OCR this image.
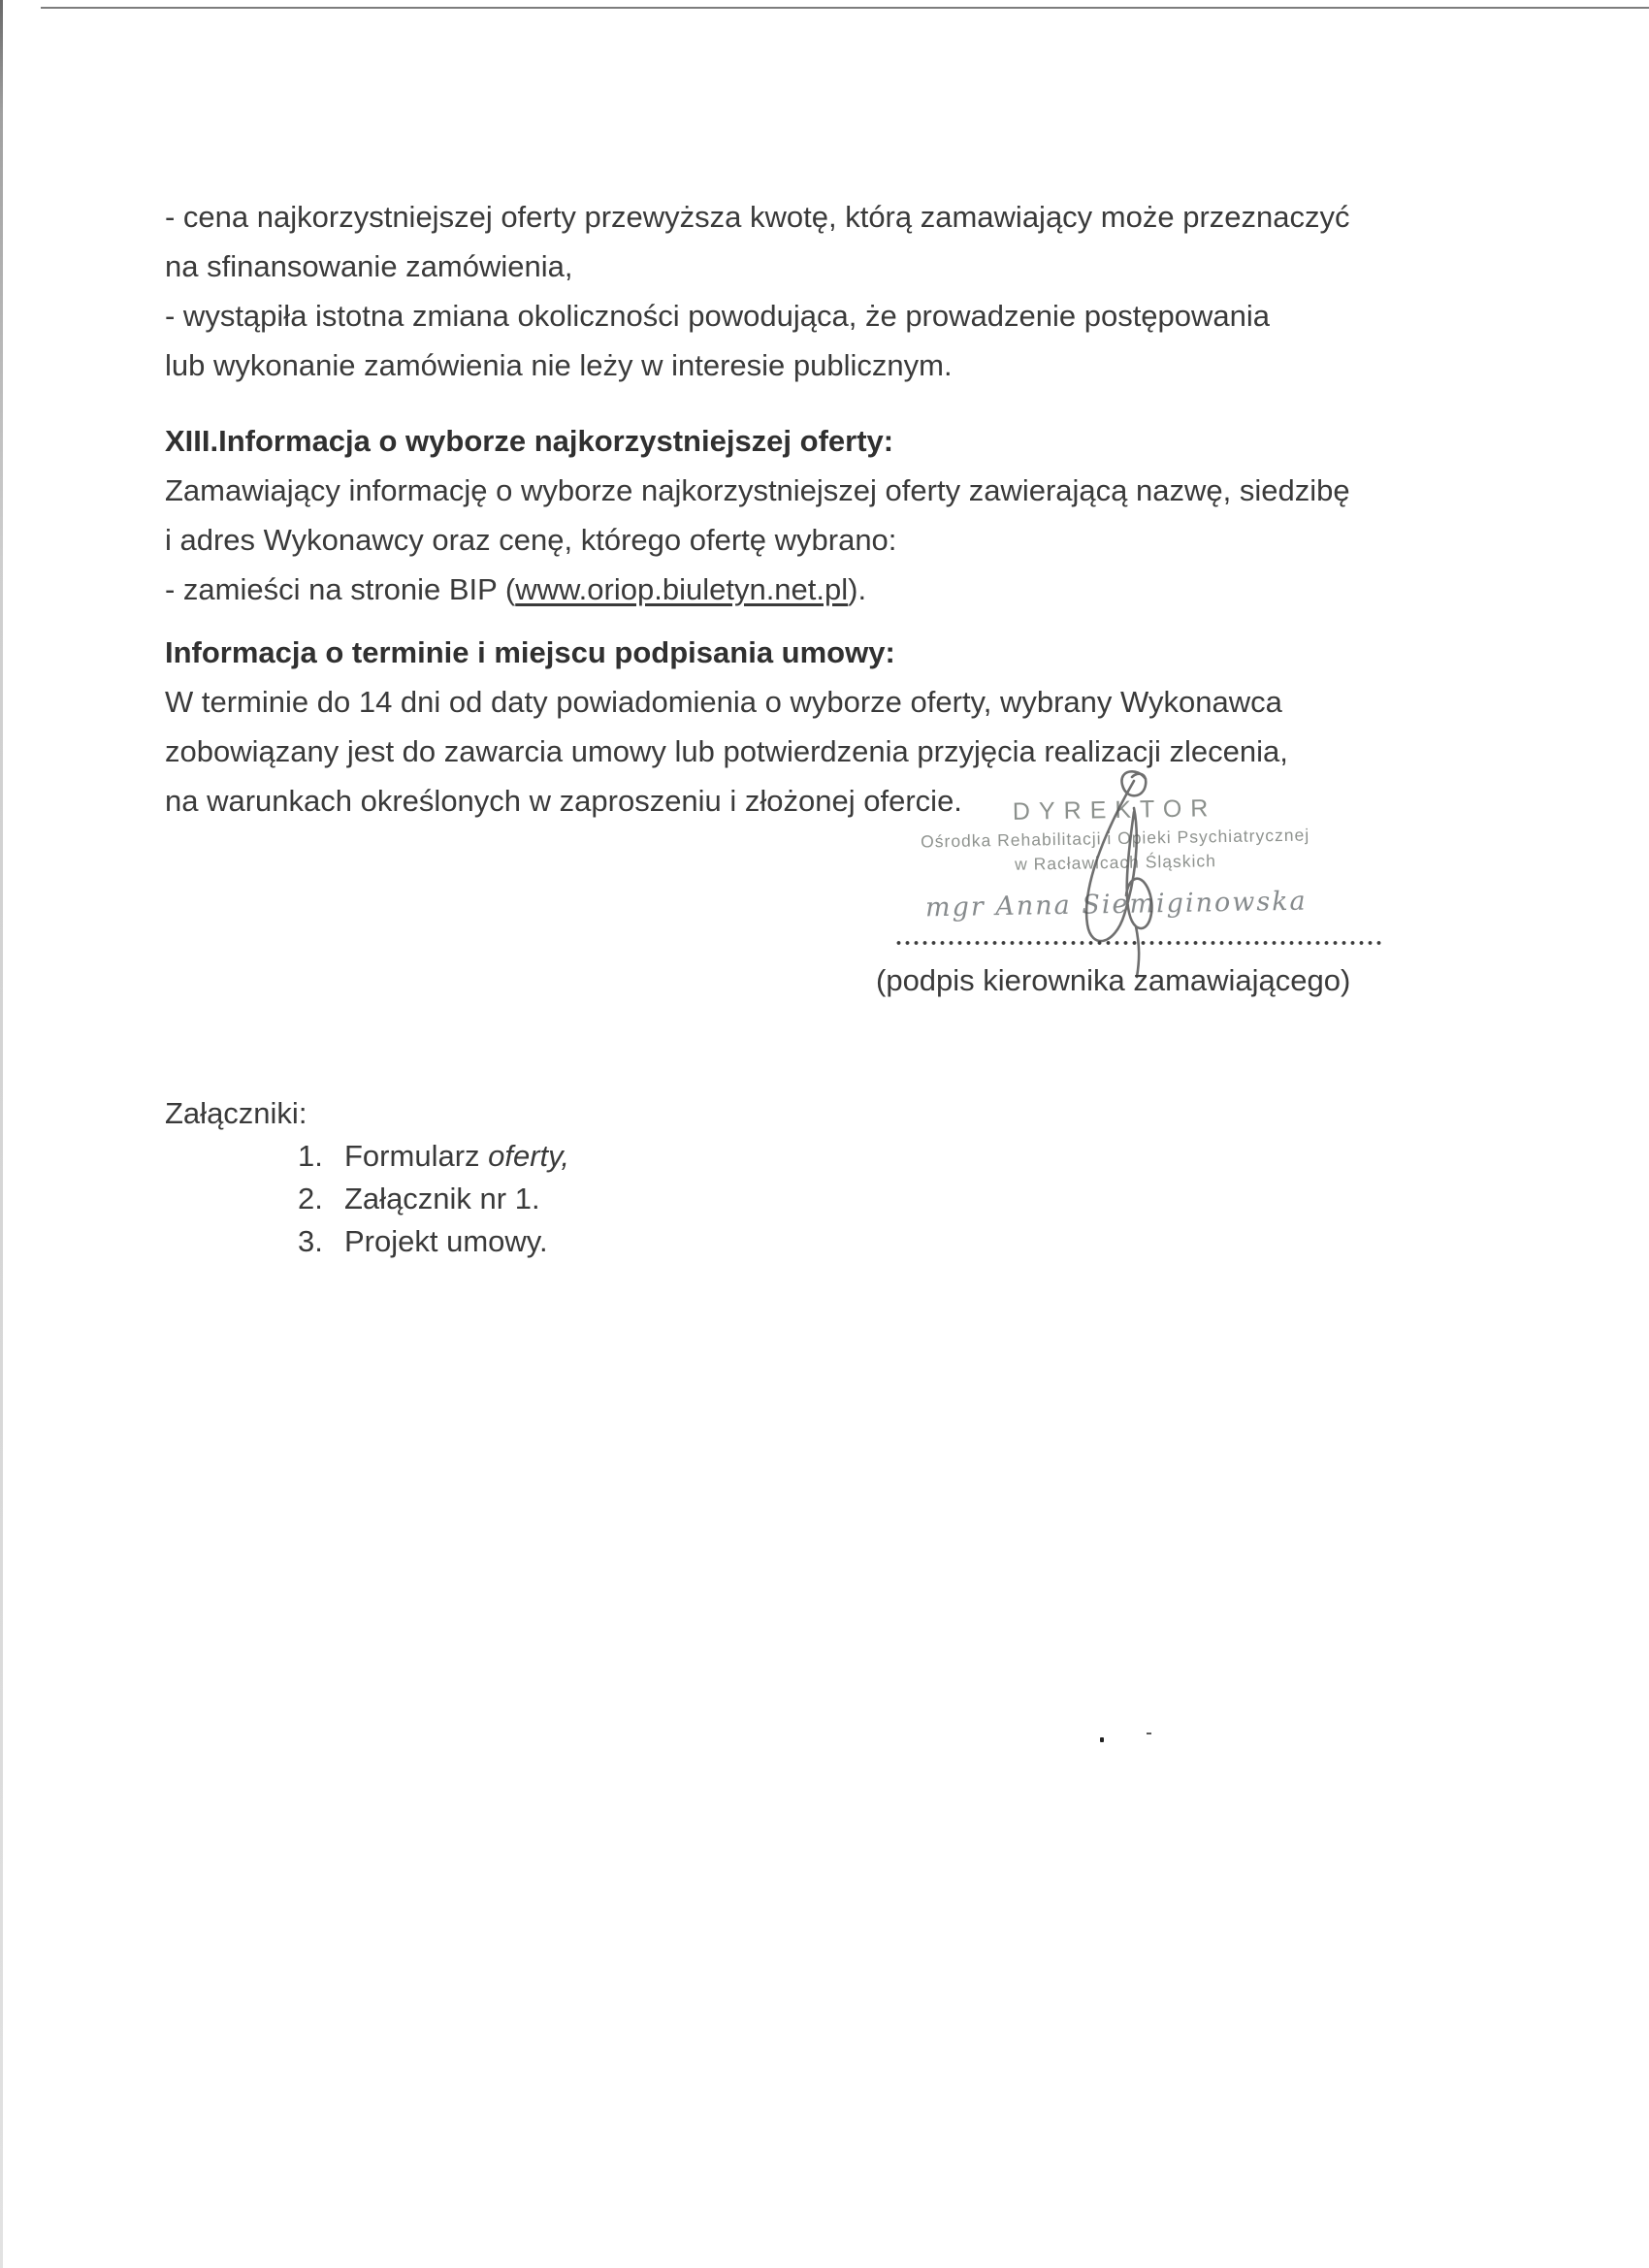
- cena najkorzystniejszej oferty przewyższa kwotę, którą zamawiający może przeznaczyć
na sfinansowanie zamówienia,
- wystąpiła istotna zmiana okoliczności powodująca, że prowadzenie postępowania
lub wykonanie zamówienia nie leży w interesie publicznym.
XIII.Informacja o wyborze najkorzystniejszej oferty:
Zamawiający informację o wyborze najkorzystniejszej oferty zawierającą nazwę, siedzibę
i adres Wykonawcy oraz cenę, którego ofertę wybrano:
- zamieści na stronie BIP (www.oriop.biuletyn.net.pl).
Informacja o terminie i miejscu podpisania umowy:
W terminie do 14 dni od daty powiadomienia o wyborze oferty, wybrany Wykonawca
zobowiązany jest do zawarcia umowy lub potwierdzenia przyjęcia realizacji zlecenia,
na warunkach określonych w zaproszeniu i złożonej ofercie.	DYREKTOR
Ośrodka Rehabilitacji i Opieki Psychiatrycznej
w Racławicach Śląskich
mgr Anna Siemiginowska
(podpis kierownika zamawiającego)
Załączniki:
1. Formularz oferty,
2. Załącznik nr 1.
3. Projekt umowy.
